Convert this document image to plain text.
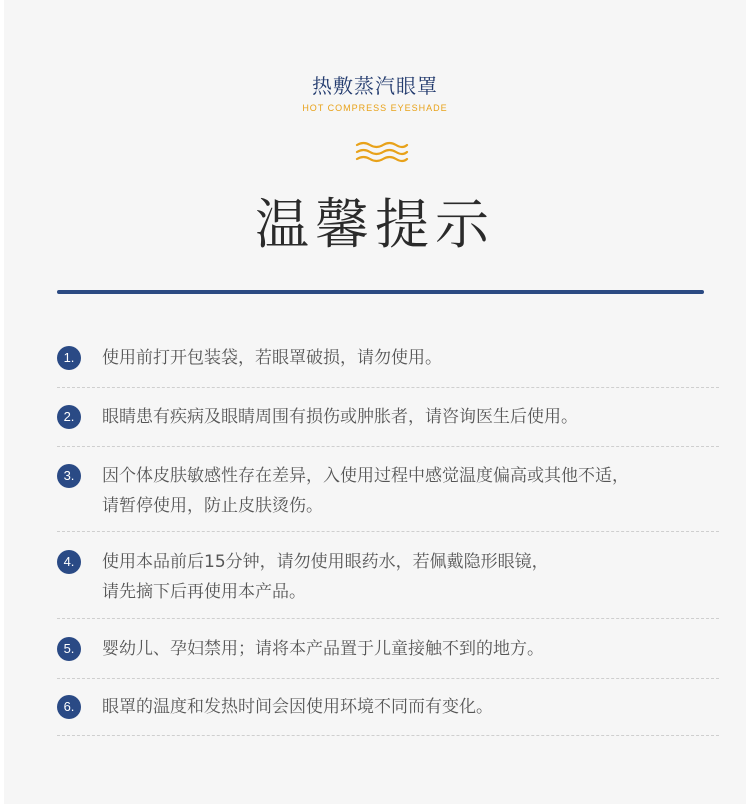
热敷蒸汽眼罩
HOT COMPRESS EYESHADE
温馨提示
1.	使用前打开包装袋，若眼罩破损，请勿使用。
2.	眼睛患有疾病及眼睛周围有损伤或肿胀者，请咨询医生后使用。
3.	因个体皮肤敏感性存在差异，入使用过程中感觉温度偏高或其他不适，
请暂停使用，防止皮肤烫伤。
4.	使用本品前后15分钟，请勿使用眼药水，若佩戴隐形眼镜，
请先摘下后再使用本产品。
5.	婴幼儿、孕妇禁用；请将本产品置于儿童接触不到的地方。
6.	眼罩的温度和发热时间会因使用环境不同而有变化。
